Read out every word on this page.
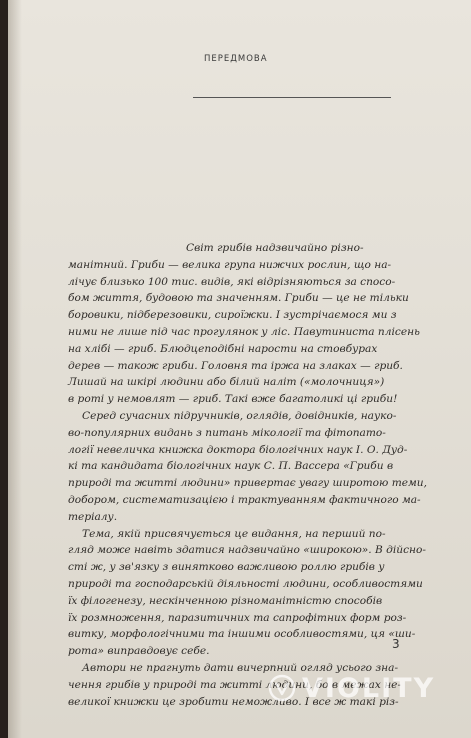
ПЕРЕДМОВА
Світ грибів надзвичайно різно-
манітний. Гриби — велика група нижчих рослин, що на-
лічує близько 100 тис. видів, які відрізняються за спосо-
бом життя, будовою та значенням. Гриби — це не тільки
боровики, підберезовики, сироїжки. І зустрічаємося ми з
ними не лише під час прогулянок у ліс. Павутиниста плісень
на хлібі — гриб. Блюдцеподібні нарости на стовбурах
дерев — також гриби. Головня та іржа на злаках — гриб.
Лишай на шкірі людини або білий наліт («молочниця»)
в роті у немовлят — гриб. Такі вже багатоликі ці гриби!
Серед сучасних підручників, оглядів, довідників, науко-
во-популярних видань з питань мікології та фітопато-
логії невеличка книжка доктора біологічних наук І. О. Дуд-
кі та кандидата біологічних наук С. П. Вассера «Гриби в
природі та житті людини» привертає увагу широтою теми,
добором, систематизацією і трактуванням фактичного ма-
теріалу.
Тема, якій присвячується це видання, на перший по-
гляд може навіть здатися надзвичайно «широкою». В дійсно-
сті ж, у зв'язку з винятково важливою роллю грибів у
природі та господарській діяльності людини, особливостями
їх філогенезу, нескінченною різноманітністю способів
їх розмноження, паразитичних та сапрофітних форм роз-
витку, морфологічними та іншими особливостями, ця «ши-
рота» виправдовує себе.
Автори не прагнуть дати вичерпний огляд усього зна-
чення грибів у природі та житті людини, бо в межах не-
великої книжки це зробити неможливо. І все ж такі різ-
3
VIOLITY
